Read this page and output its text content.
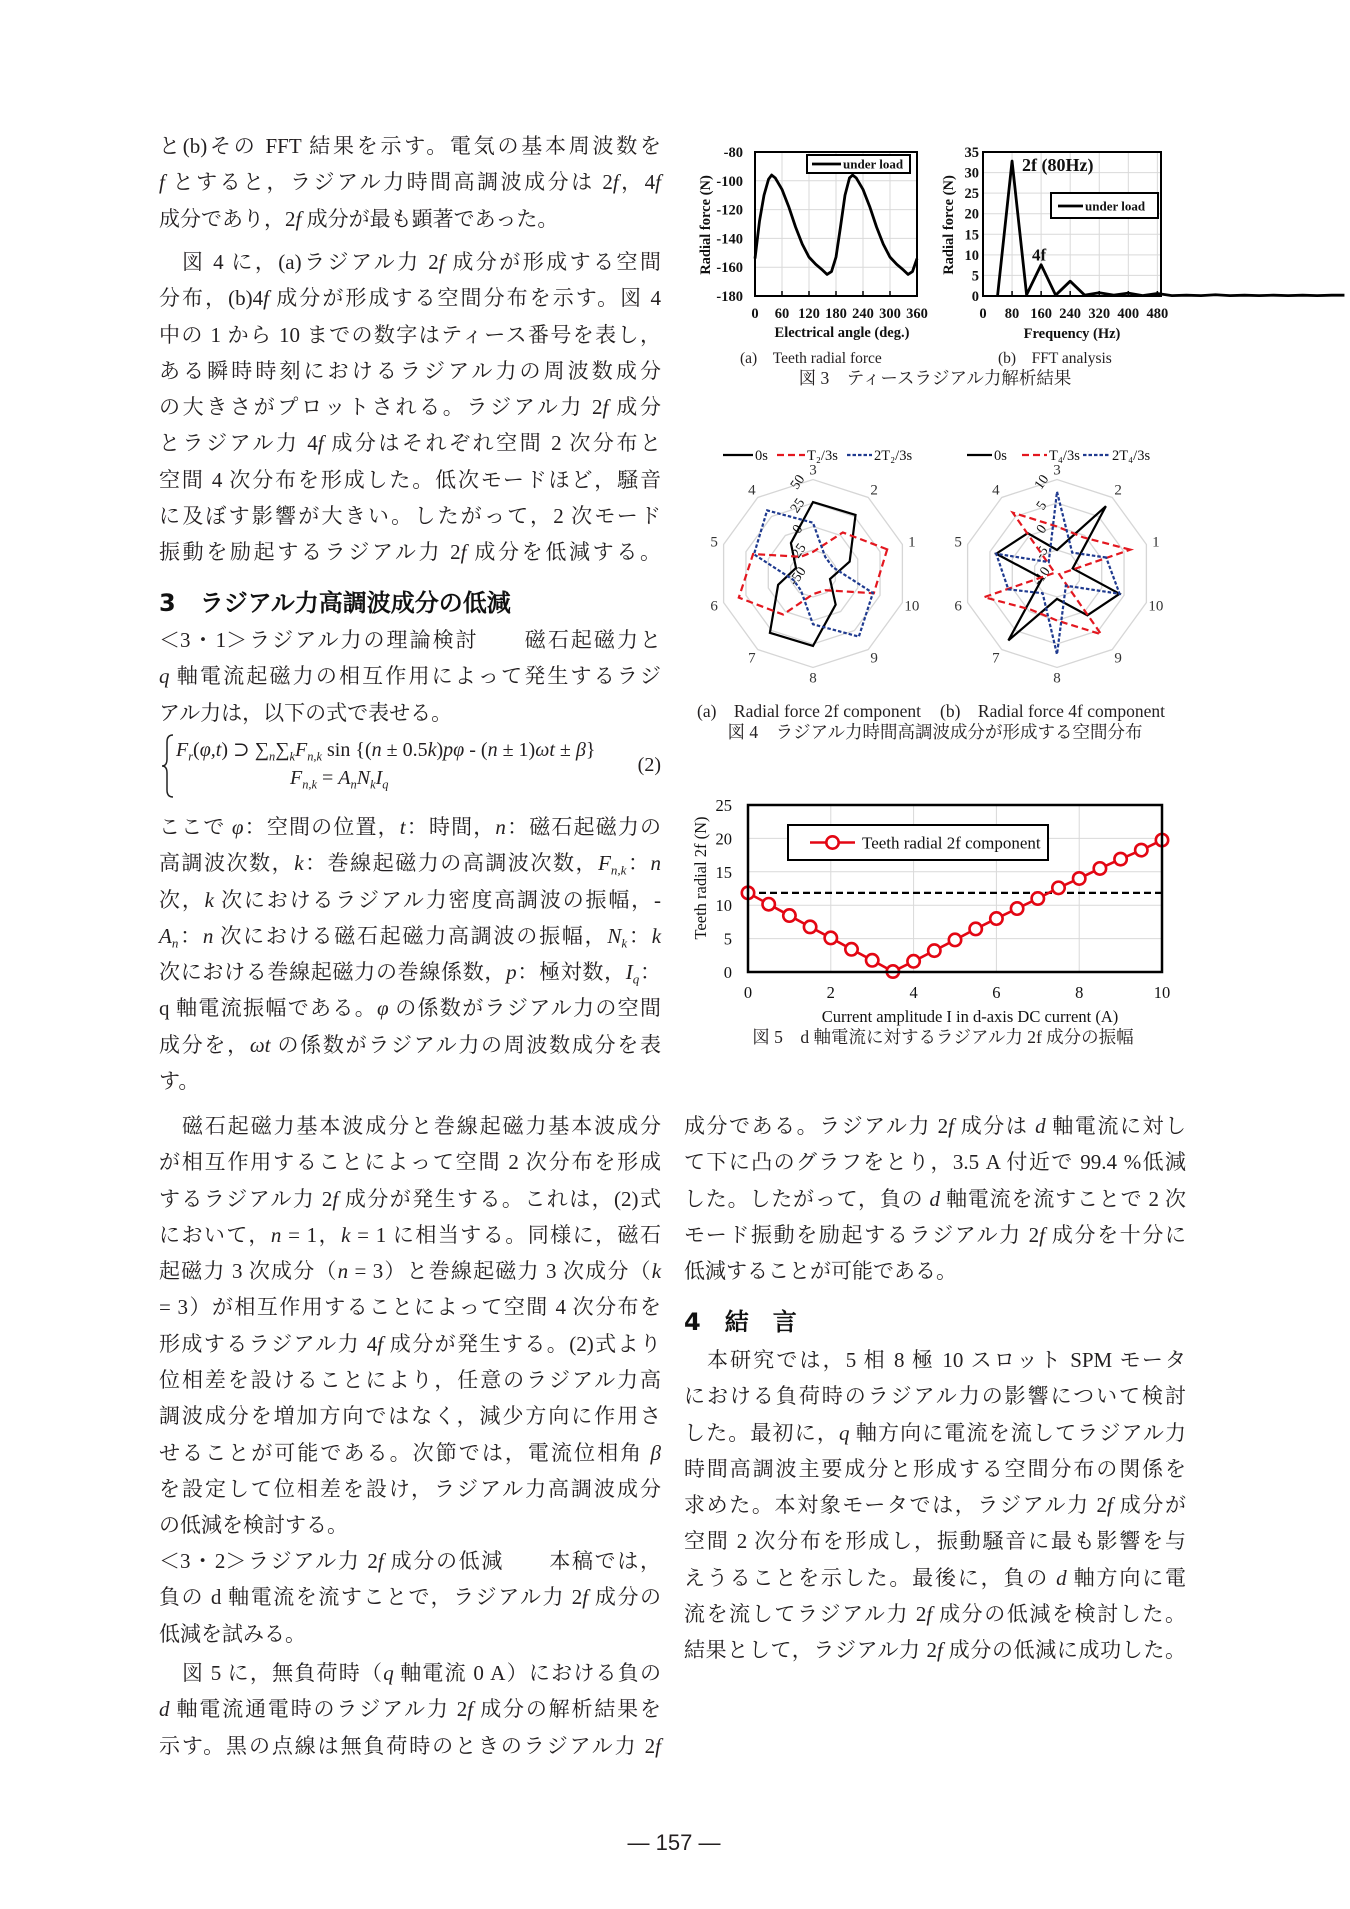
と(b)その FFT 結果を示す。電気の基本周波数を
f とすると，ラジアル力時間高調波成分は 2f，4f
成分であり，2f 成分が最も顕著であった。
図 4 に，(a)ラジアル力 2f 成分が形成する空間
分布，(b)4f 成分が形成する空間分布を示す。図 4
中の 1 から 10 までの数字はティース番号を表し，
ある瞬時時刻におけるラジアル力の周波数成分
の大きさがプロットされる。ラジアル力 2f 成分
とラジアル力 4f 成分はそれぞれ空間 2 次分布と
空間 4 次分布を形成した。低次モードほど，騒音
に及ぼす影響が大きい。したがって，2 次モード
振動を励起するラジアル力 2f 成分を低減する。
3　ラジアル力高調波成分の低減
＜3・1＞ラジアル力の理論検討　　磁石起磁力と
q 軸電流起磁力の相互作用によって発生するラジ
アル力は，以下の式で表せる。
$F_r(\varphi,t)$ ⊃ $\sum_n\sum_kF_{n,k}$ sin {(n ± 0.5k)pφ - (n ± 1)ωt ± β}
$F_{n,k} = A_nN_kI_q$
(2)
ここで φ：空間の位置，t：時間，n：磁石起磁力の
高調波次数，k：巻線起磁力の高調波次数，$F_{n,k}$：n
次，k 次におけるラジアル力密度高調波の振幅，-
$A_n$：n 次における磁石起磁力高調波の振幅，$N_k$：k
次における巻線起磁力の巻線係数，p：極対数，$I_q$：
q 軸電流振幅である。φ の係数がラジアル力の空間
成分を，ωt の係数がラジアル力の周波数成分を表
す。
磁石起磁力基本波成分と巻線起磁力基本波成分
が相互作用することによって空間 2 次分布を形成
するラジアル力 2f 成分が発生する。これは，(2)式
において，n = 1，k = 1 に相当する。同様に，磁石
起磁力 3 次成分（n = 3）と巻線起磁力 3 次成分（k
= 3）が相互作用することによって空間 4 次分布を
形成するラジアル力 4f 成分が発生する。(2)式より
位相差を設けることにより，任意のラジアル力高
調波成分を増加方向ではなく，減少方向に作用さ
せることが可能である。次節では，電流位相角 β
を設定して位相差を設け，ラジアル力高調波成分
の低減を検討する。
＜3・2＞ラジアル力 2f 成分の低減　　本稿では，
負の d 軸電流を流すことで，ラジアル力 2f 成分の
低減を試みる。
図 5 に，無負荷時（q 軸電流 0 A）における負の
d 軸電流通電時のラジアル力 2f 成分の解析結果を
示す。黒の点線は無負荷時のときのラジアル力 2f
成分である。ラジアル力 2f 成分は d 軸電流に対し
て下に凸のグラフをとり，3.5 A 付近で 99.4 %低減
した。したがって，負の d 軸電流を流すことで 2 次
モード振動を励起するラジアル力 2f 成分を十分に
低減することが可能である。
4　結　言
本研究では，5 相 8 極 10 スロット SPM モータ
における負荷時のラジアル力の影響について検討
した。最初に，q 軸方向に電流を流してラジアル力
時間高調波主要成分と形成する空間分布の関係を
求めた。本対象モータでは，ラジアル力 2f 成分が
空間 2 次分布を形成し，振動騒音に最も影響を与
えうることを示した。最後に，負の d 軸方向に電
流を流してラジアル力 2f 成分の低減を検討した。
結果として，ラジアル力 2f 成分の低減に成功した。
0 60 120 180 240 300 360
-180
-160
-140
-120
-100
-80
Electrical angle (deg.)
Radial force (N)
under load
0 80 160 240 320 400 480
0
5
10
15
20
25
30
35
Frequency (Hz)
Radial force (N)	under load
2f (80Hz)
4f
(a)　Teeth radial force	(b)　FFT analysis
図 3　ティースラジアル力解析結果
1
2
3
4
5
6
7
8
9
10
-50
-25
0
25
50
0s	T₂/3s 2T₂/3s
1
2
3
4
5
6
7
8
9
10
-10
-5
0
5
10
0s	T₄/3s 2T₄/3s
(a)　Radial force 2f component (b)　Radial force 4f component
図 4　ラジアル力時間高調波成分が形成する空間分布
0	2	4	6	8	10
0
5
10
15
20
25
Current amplitude I in d-axis DC current (A)
Teeth radial 2f (N)	Teeth radial 2f component
図 5　d 軸電流に対するラジアル力 2f 成分の振幅
— 157 —
